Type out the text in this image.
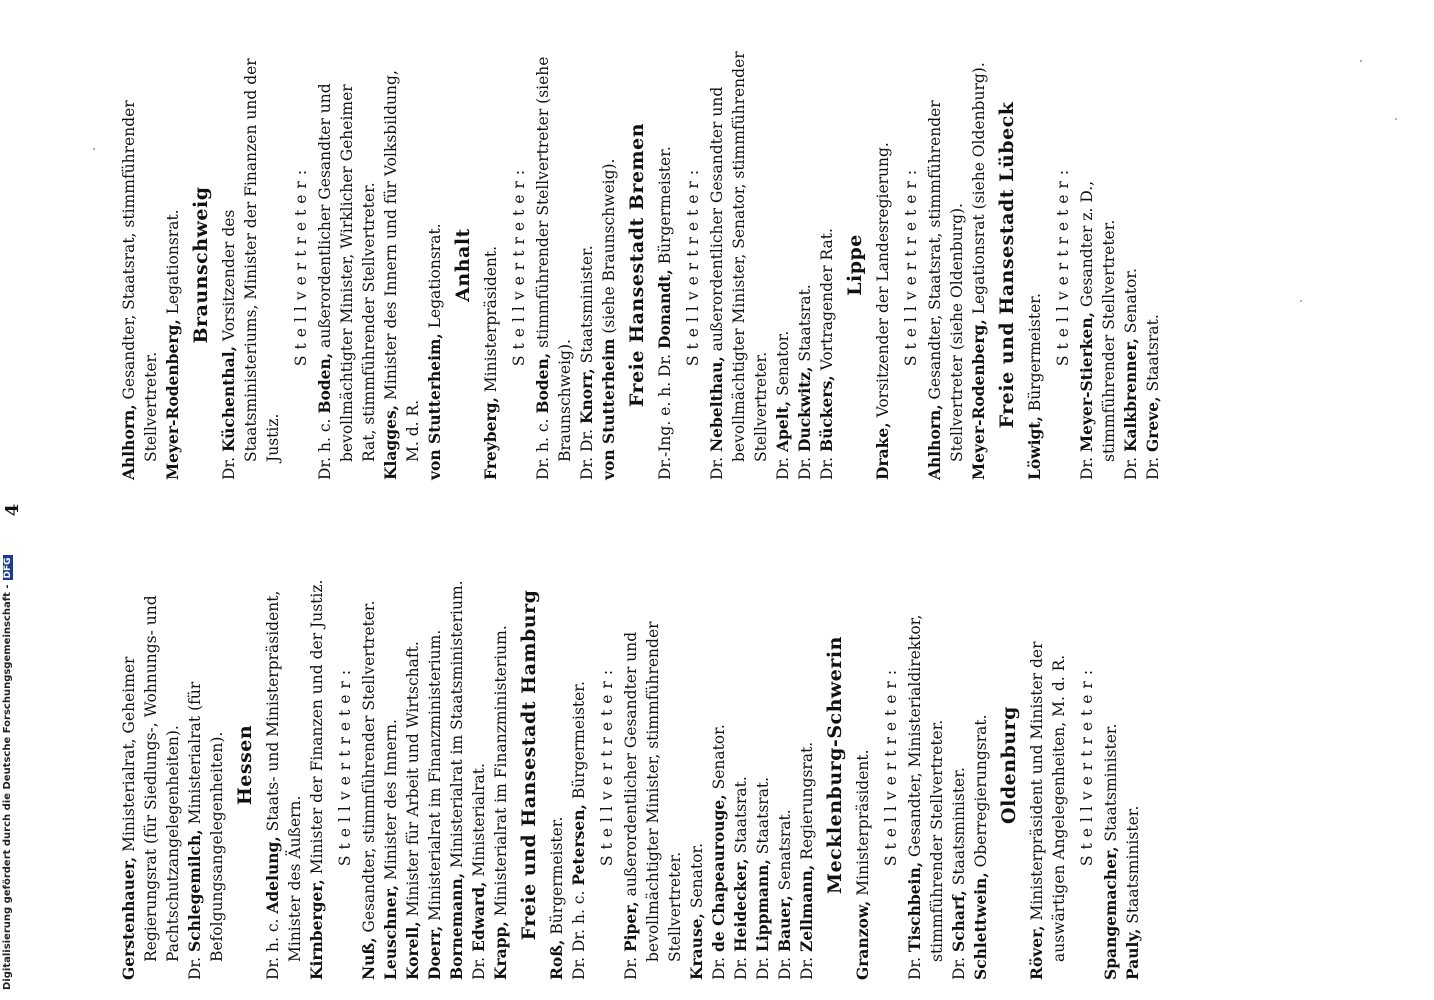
4

Gerstenhauer, Ministerialrat, Geheimer Regierungsrat (für Siedlungs-, Wohnungs- und Pachtschutzangelegenheiten).

Dr. Schlegemilch, Ministerialrat (für Befolgungsangelegenheiten). Hessen

Dr. h. c. Adelung, Staats- und Ministerpräsident, Minister des Äußern. Kirnberger, Minister der Finanzen und der Justiz. Stellvertreter:

Nuß, Gesandter, stimmführender Stellvertreter. Leuschner, Minister des Innern.

Korell, Minister für Arbeit und Wirtschaft.

Doerr, Ministerialrat im Finanzministerium.

Bornemann, Ministerialrat im Staatsministerium.

Dr. Edward, Ministerialrat.

Krapp, Ministerialrat im Finanzministerium. Freie und Hansestadt Hamburg

Roß, Bürgermeister. Dr. Dr. h. c. Petersen, Bürgermeister. Stellvertreter:

Dr. Piper, außerordentlicher Gesandter und bevollmächtigter Minister, stimmführender Stellvertreter. Krause, Senator.

Dr. de Chapeaurouge, Senator.

Dr. Heidecker, Staatsrat.

Dr. Lippmann, Staatsrat.

Dr. Bauer, Senatsrat.

Dr. Zellmann, Regierungsrat. Mecklenburg-Schwerin

Granzow, Ministerpräsident. Stellvertreter:

Dr. Tischbein, Gesandter, Ministerialdirektor, stimmführender Stellvertreter.

Dr. Scharf, Staatsminister.

Schlettwein, Oberregierungsrat. Oldenburg

Röver, Ministerpräsident und Minister der auswärtigen Angelegenheiten, M. d. R. Stellvertreter:

Spangemacher, Staatsminister.

Pauly, Staatsminister.

Ahlhorn, Gesandter, Staatsrat, stimmführender Stellvertreter. Meyer-Rodenberg, Legationsrat. Braunschweig

Dr. Küchenthal, Vorsitzender des Staatsministeriums, Minister der Finanzen und der Justiz.

Stellvertreter:

Dr. h. c. Boden, außerordentlicher Gesandter und bevollmächtigter Minister, Wirklicher Geheimer Rat, stimmführender Stellvertreter. Klagges, Minister des Innern und für Volksbildung, M. d. R. von Stutterheim, Legationsrat. Anhalt

Freyberg, Ministerpräsident. Stellvertreter:

Dr. h. c. Boden, stimmführender Stellvertreter (siehe Braunschweig). Dr. Dr. Knorr, Staatsminister.

von Stutterheim (siehe Braunschweig). Freie Hansestadt Bremen

Dr.-Ing. e. h. Dr. Donandt, Bürgermeister. Stellvertreter:

Dr. Nebelthau, außerordentlicher Gesandter und bevollmächtigter Minister, Senator, stimmführender Stellvertreter.

Dr. Apelt, Senator.

Dr. Duckwitz, Staatsrat.

Dr. Bückers, Vortragender Rat. Lippe

Drake, Vorsitzender der Landesregierung. Stellvertreter:

Ahlhorn, Gesandter, Staatsrat, stimmführender Stellvertreter (siehe Oldenburg). Meyer-Rodenberg, Legationsrat (siehe Oldenburg). Freie und Hansestadt Lübeck

Löwigt, Bürgermeister. Stellvertreter:

Dr. Meyer-Stierken, Gesandter z. D., stimmführender Stellvertreter.

Dr. Kalkbrenner, Senator.

Dr. Greve, Staatsrat.

Digitalisierung gefördert durch die Deutsche Forschungsgemeinschaft -DFG
